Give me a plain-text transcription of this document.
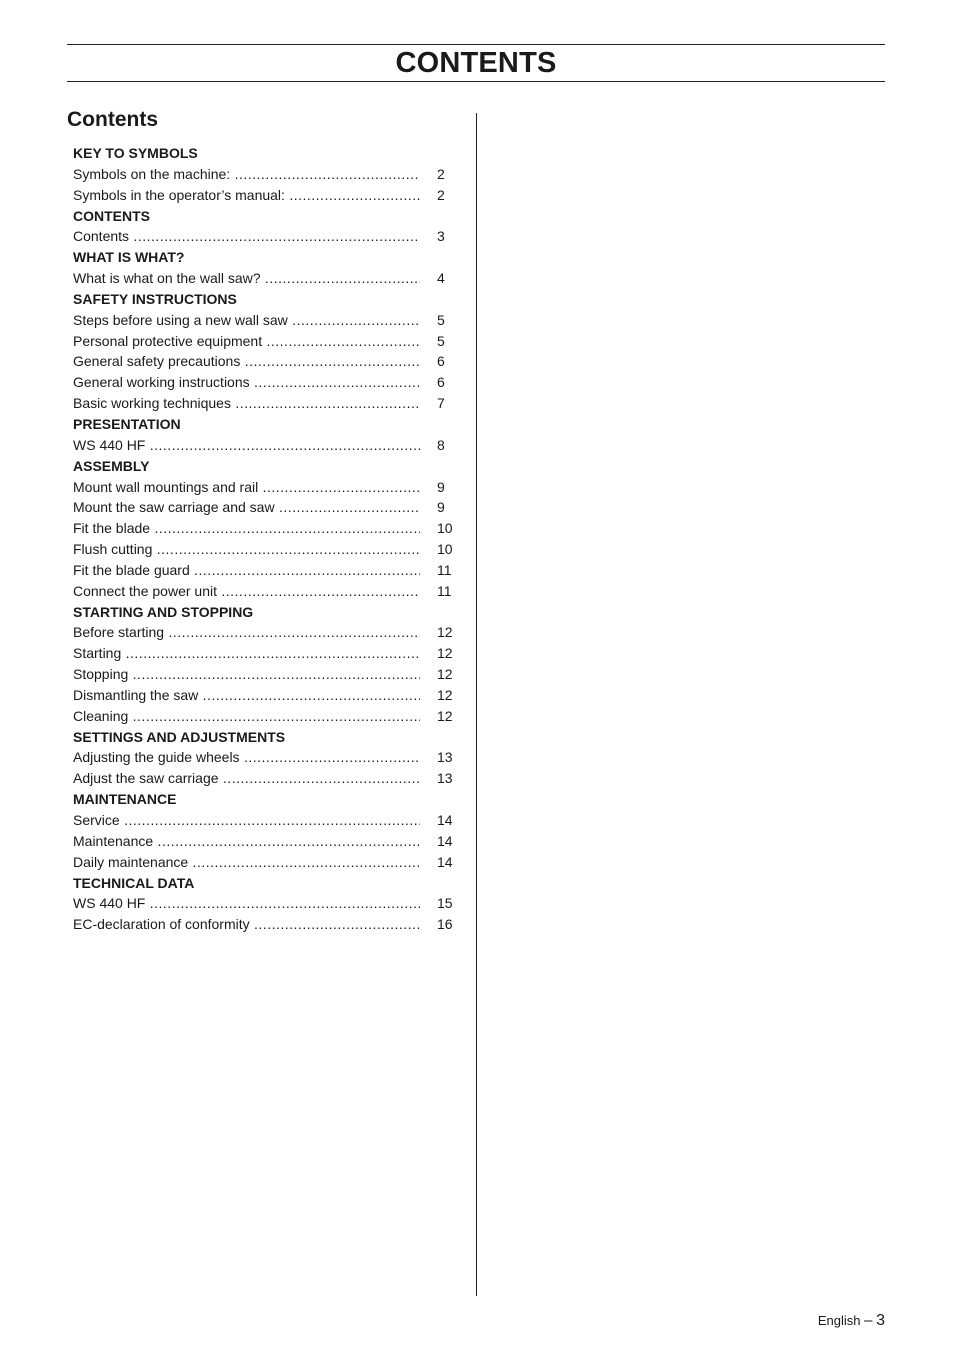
CONTENTS
Contents
KEY TO SYMBOLS
Symbols on the machine: .....	2
Symbols in the operator’s manual: .....	2
CONTENTS
Contents .....	3
WHAT IS WHAT?
What is what on the wall saw? .....	4
SAFETY INSTRUCTIONS
Steps before using a new wall saw .....	5
Personal protective equipment .....	5
General safety precautions .....	6
General working instructions .....	6
Basic working techniques .....	7
PRESENTATION
WS 440 HF .....	8
ASSEMBLY
Mount wall mountings and rail .....	9
Mount the saw carriage and saw .....	9
Fit the blade .....	10
Flush cutting .....	10
Fit the blade guard .....	11
Connect the power unit .....	11
STARTING AND STOPPING
Before starting .....	12
Starting .....	12
Stopping .....	12
Dismantling the saw .....	12
Cleaning .....	12
SETTINGS AND ADJUSTMENTS
Adjusting the guide wheels .....	13
Adjust the saw carriage .....	13
MAINTENANCE
Service .....	14
Maintenance .....	14
Daily maintenance .....	14
TECHNICAL DATA
WS 440 HF .....	15
EC-declaration of conformity .....	16
English – 3
